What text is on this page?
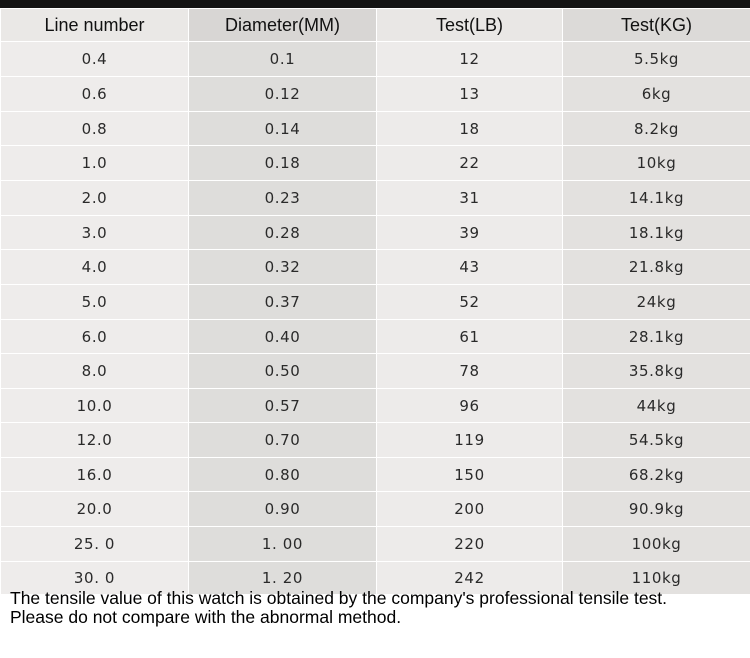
Line number	Diameter(MM)	Test(LB)	Test(KG)
0.4	0.1	12	5.5kg
0.6	0.12	13	6kg
0.8	0.14	18	8.2kg
1.0	0.18	22	10kg
2.0	0.23	31	14.1kg
3.0	0.28	39	18.1kg
4.0	0.32	43	21.8kg
5.0	0.37	52	24kg
6.0	0.40	61	28.1kg
8.0	0.50	78	35.8kg
10.0	0.57	96	44kg
12.0	0.70	119	54.5kg
16.0	0.80	150	68.2kg
20.0	0.90	200	90.9kg
25. 0	1. 00	220	100kg
30. 0	1. 20	242	110kg
The tensile value of this watch is obtained by the company's professional tensile test.
Please do not compare with the abnormal method.
